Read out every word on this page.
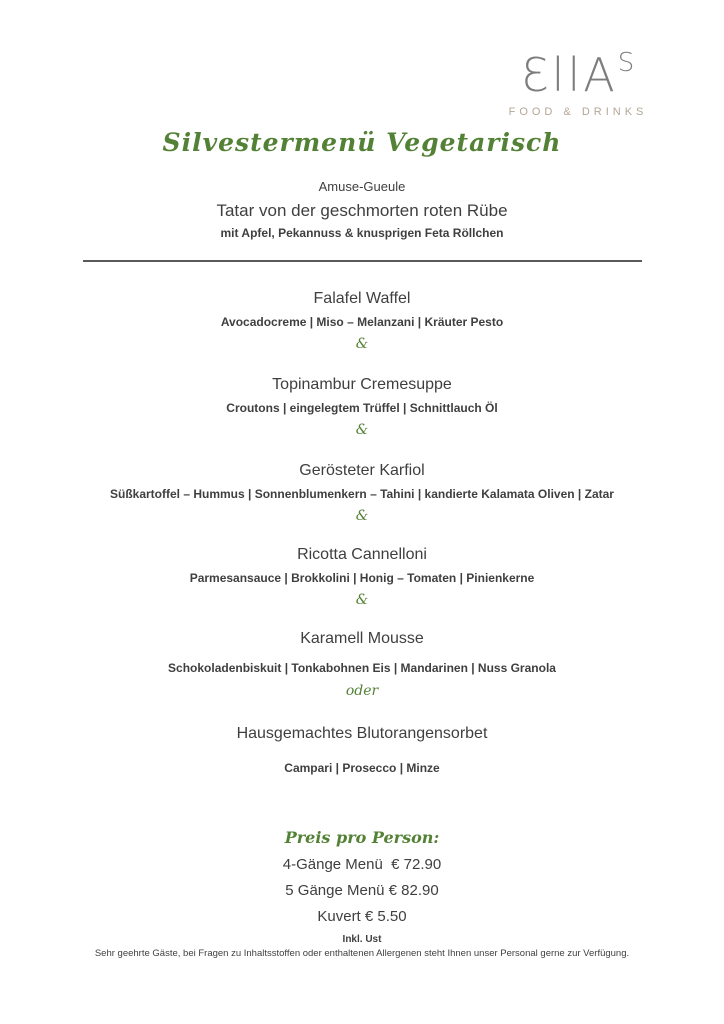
ƐllA$^S$
FOOD & DRINKS
Silvestermenü Vegetarisch
Amuse-Gueule
Tatar von der geschmorten roten Rübe
mit Apfel, Pekannuss & knusprigen Feta Röllchen
Falafel Waffel
Avocadocreme | Miso – Melanzani | Kräuter Pesto
&
Topinambur Cremesuppe
Croutons | eingelegtem Trüffel | Schnittlauch Öl
&
Gerösteter Karfiol
Süßkartoffel – Hummus | Sonnenblumenkern – Tahini | kandierte Kalamata Oliven | Zatar
&
Ricotta Cannelloni
Parmesansauce | Brokkolini | Honig – Tomaten | Pinienkerne
&
Karamell Mousse
Schokoladenbiskuit | Tonkabohnen Eis | Mandarinen | Nuss Granola
oder
Hausgemachtes Blutorangensorbet
Campari | Prosecco | Minze
Preis pro Person:
4-Gänge Menü  € 72.90
5 Gänge Menü € 82.90
Kuvert € 5.50
Inkl. Ust
Sehr geehrte Gäste, bei Fragen zu Inhaltsstoffen oder enthaltenen Allergenen steht Ihnen unser Personal gerne zur Verfügung.
